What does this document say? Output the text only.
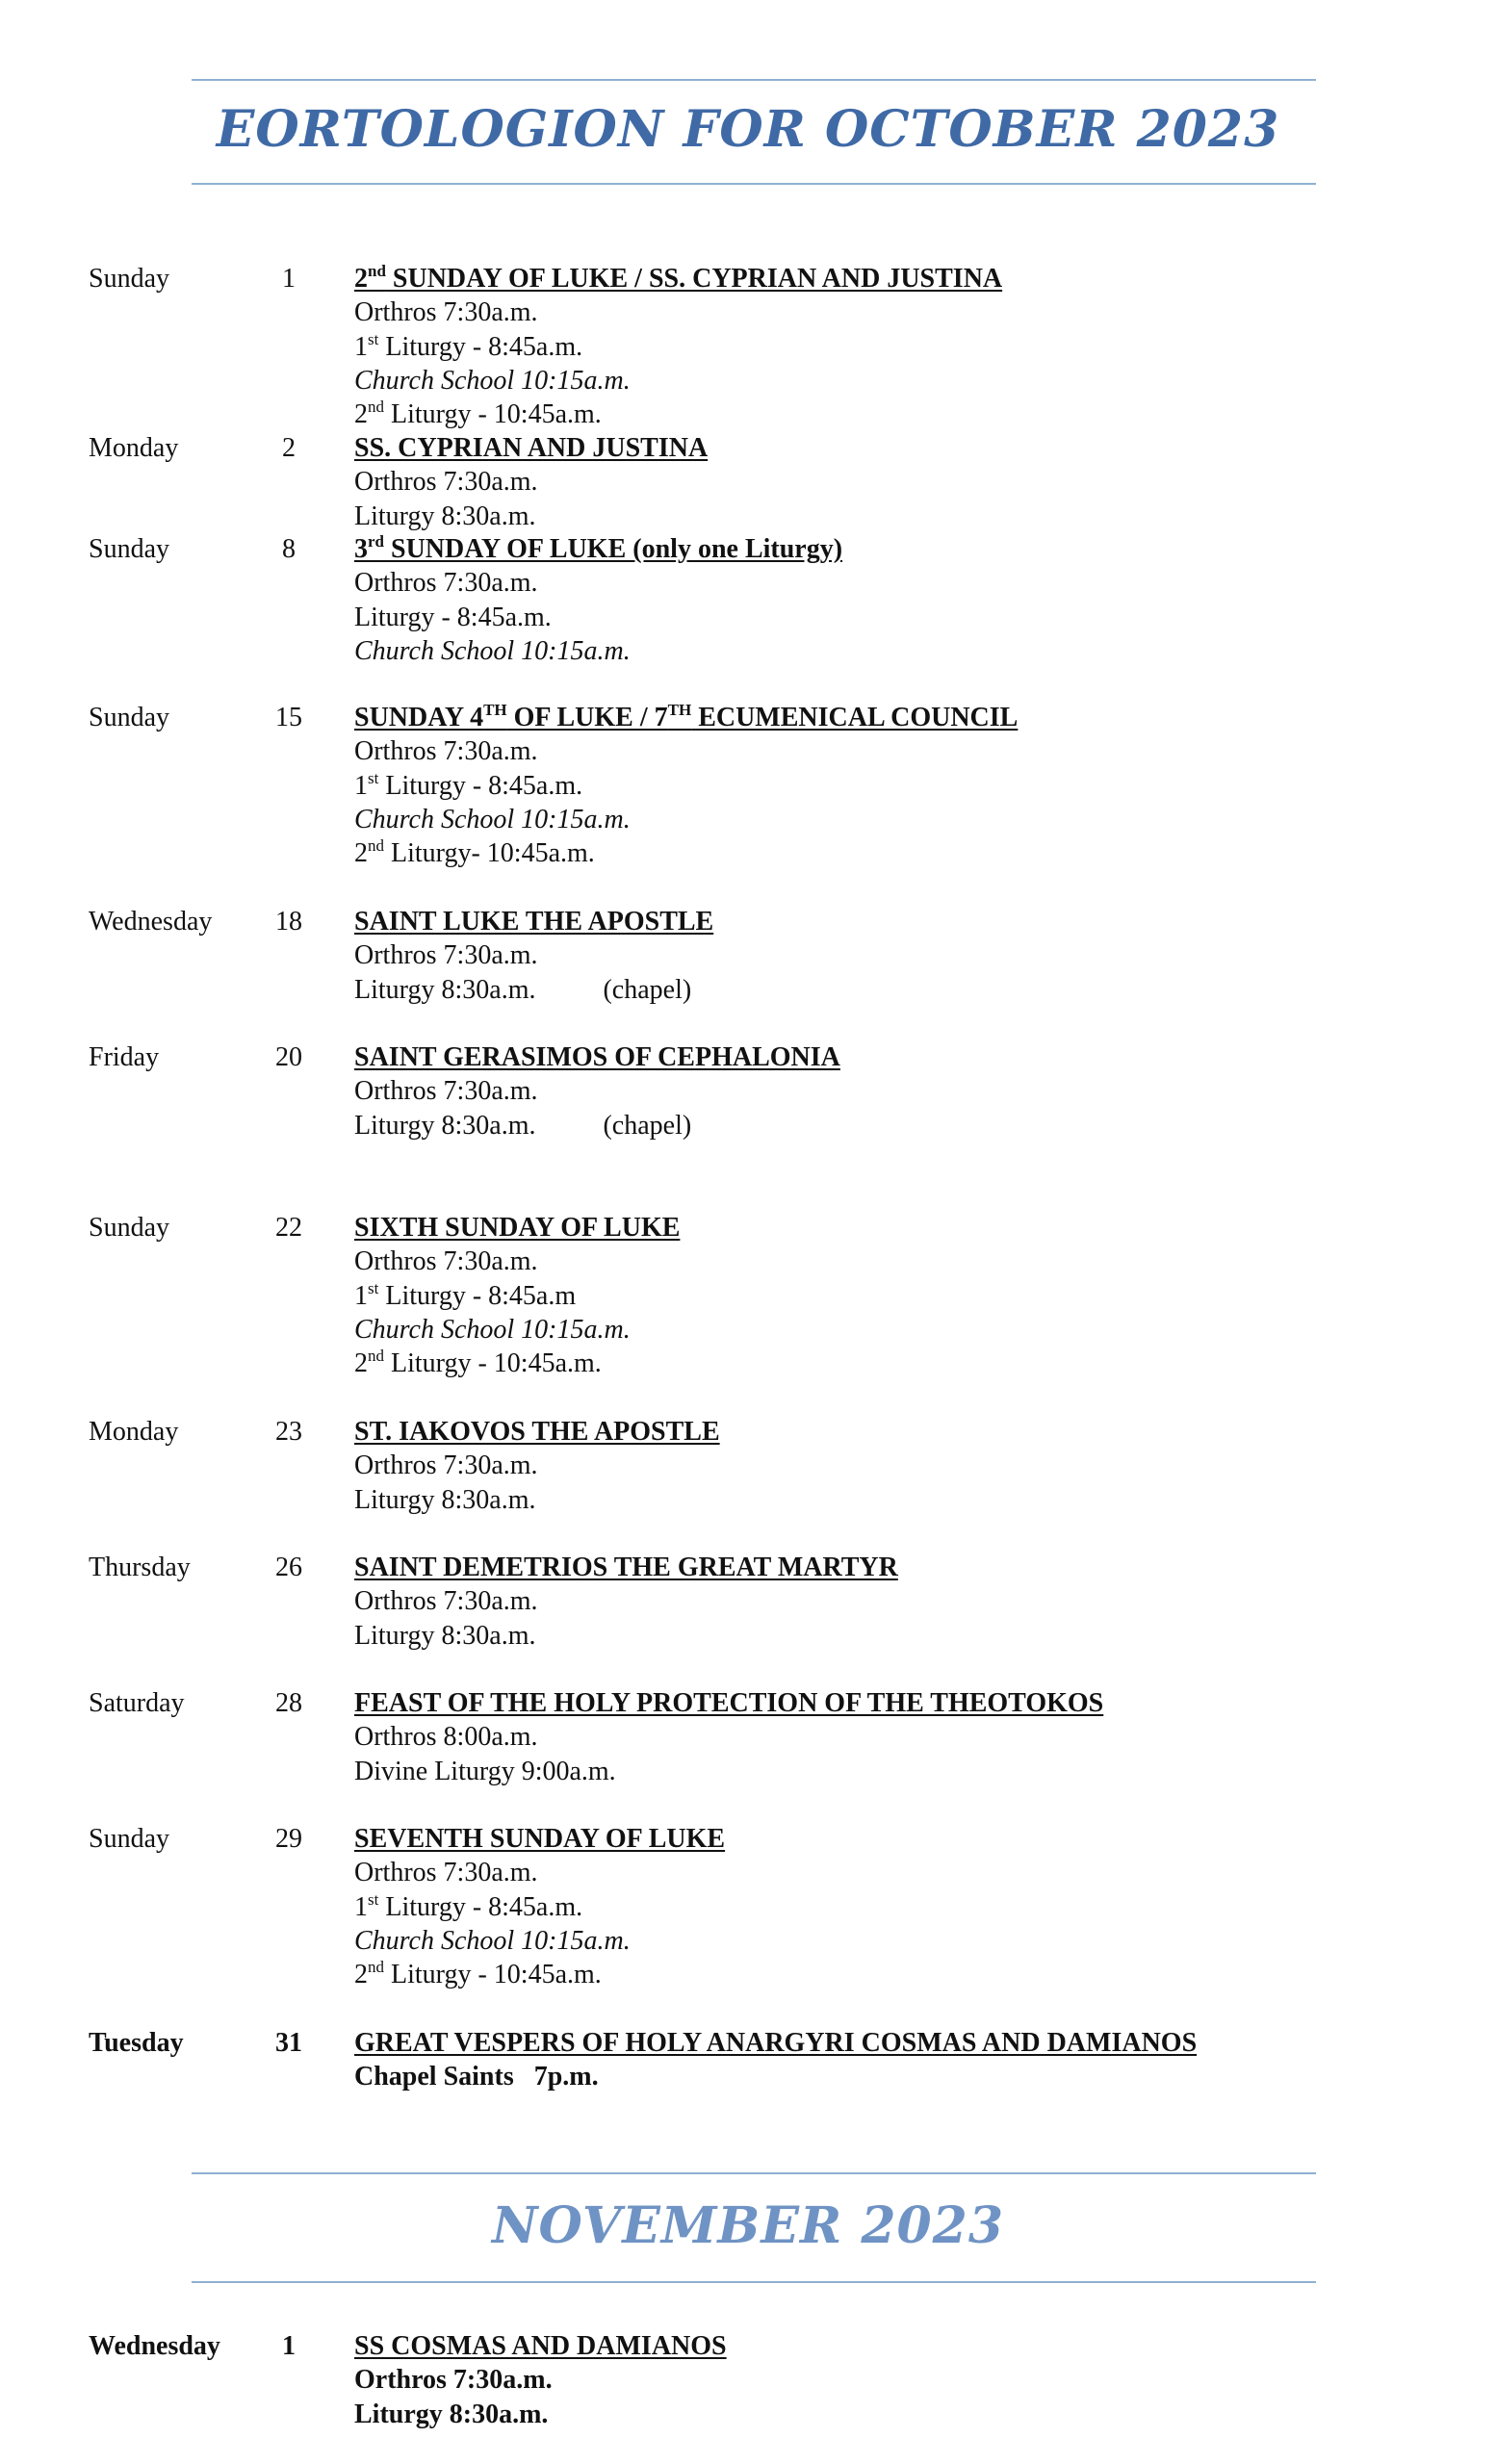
EORTOLOGION FOR OCTOBER 2023
Sunday	1	2nd SUNDAY OF LUKE / SS. CYPRIAN AND JUSTINA
Orthros 7:30a.m.
1st Liturgy - 8:45a.m.
Church School 10:15a.m.
2nd Liturgy - 10:45a.m.
Monday	2	SS. CYPRIAN AND JUSTINA
Orthros 7:30a.m.
Liturgy 8:30a.m.
Sunday	8	3rd SUNDAY OF LUKE (only one Liturgy)
Orthros 7:30a.m.
Liturgy - 8:45a.m.
Church School 10:15a.m.
Sunday	15	SUNDAY 4TH OF LUKE / 7TH ECUMENICAL COUNCIL
Orthros 7:30a.m.
1st Liturgy - 8:45a.m.
Church School 10:15a.m.
2nd Liturgy- 10:45a.m.
Wednesday	18	SAINT LUKE THE APOSTLE
Orthros 7:30a.m.
Liturgy 8:30a.m.          (chapel)
Friday	20	SAINT GERASIMOS OF CEPHALONIA
Orthros 7:30a.m.
Liturgy 8:30a.m.          (chapel)
Sunday	22	SIXTH SUNDAY OF LUKE
Orthros 7:30a.m.
1st Liturgy - 8:45a.m
Church School 10:15a.m.
2nd Liturgy - 10:45a.m.
Monday	23	ST. IAKOVOS THE APOSTLE
Orthros 7:30a.m.
Liturgy 8:30a.m.
Thursday	26	SAINT DEMETRIOS THE GREAT MARTYR
Orthros 7:30a.m.
Liturgy 8:30a.m.
Saturday	28	FEAST OF THE HOLY PROTECTION OF THE THEOTOKOS
Orthros 8:00a.m.
Divine Liturgy 9:00a.m.
Sunday	29	SEVENTH SUNDAY OF LUKE
Orthros 7:30a.m.
1st Liturgy - 8:45a.m.
Church School 10:15a.m.
2nd Liturgy - 10:45a.m.
Tuesday	31	GREAT VESPERS OF HOLY ANARGYRI COSMAS AND DAMIANOS
Chapel Saints   7p.m.
NOVEMBER 2023
Wednesday	1	SS COSMAS AND DAMIANOS
Orthros 7:30a.m.
Liturgy 8:30a.m.
